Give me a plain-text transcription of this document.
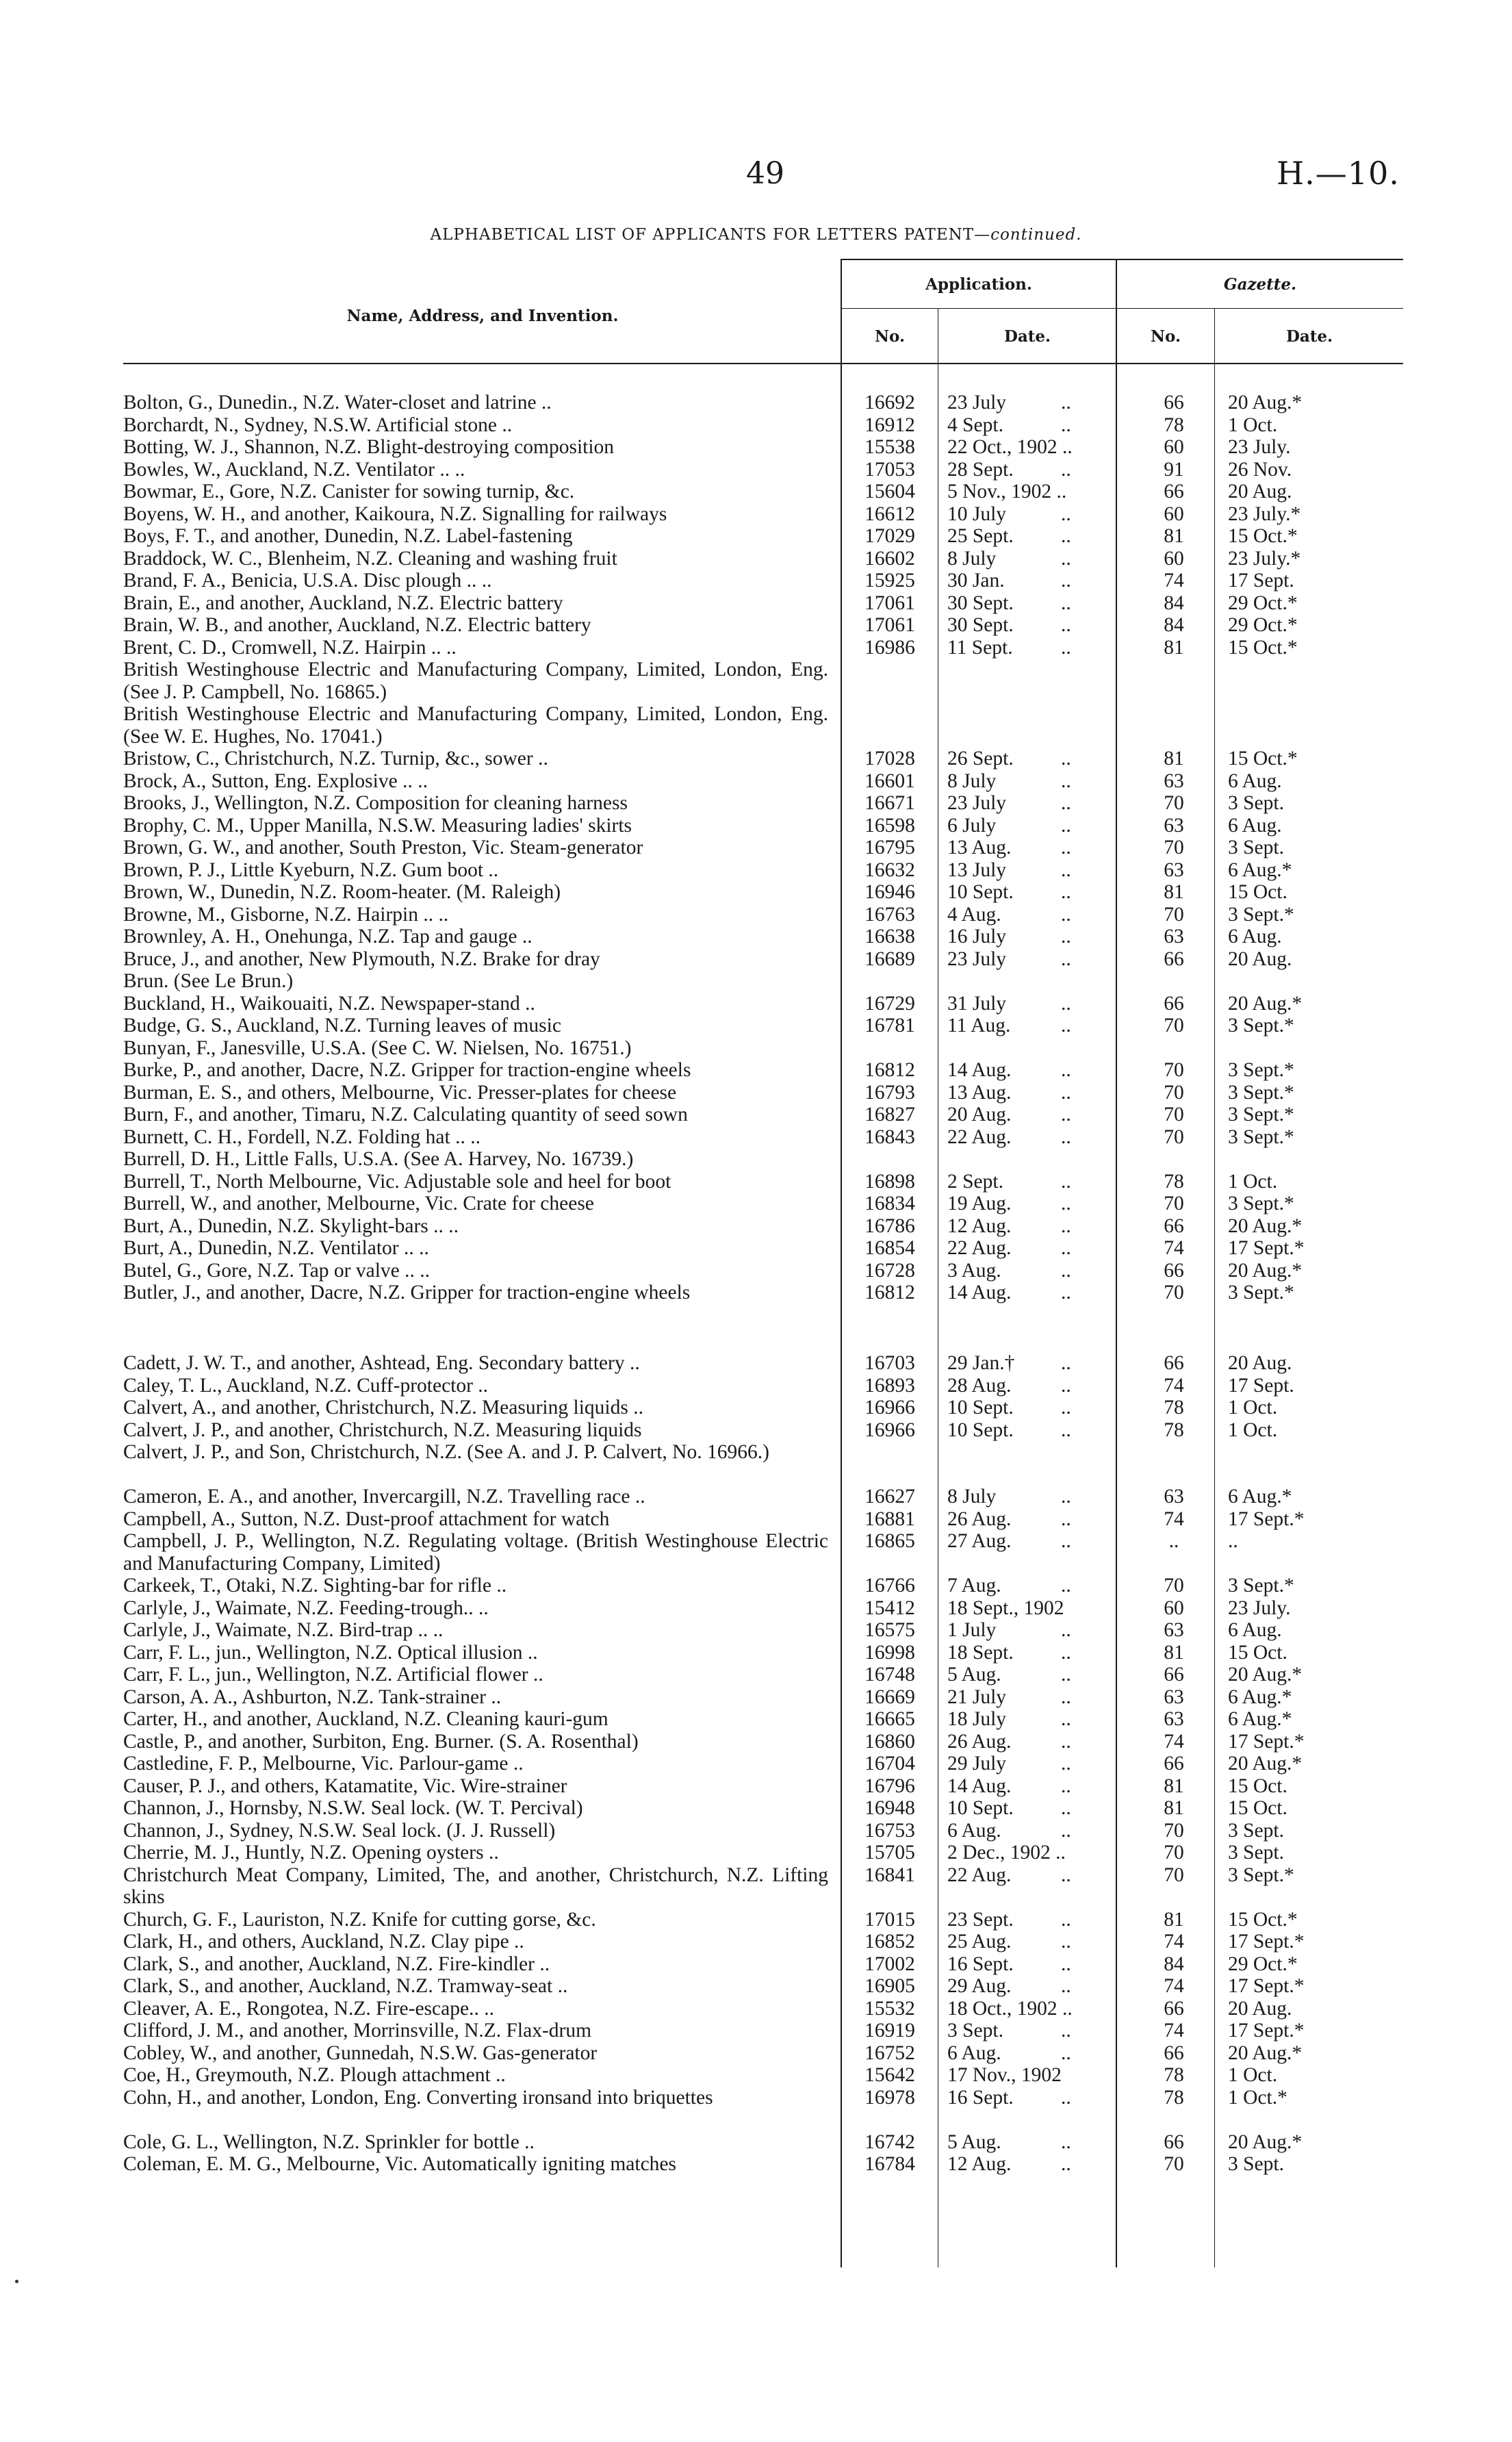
49	H.—10.
ALPHABETICAL LIST OF APPLICANTS FOR LETTERS PATENT—continued.
Name, Address, and Invention.
Application.	Gazette.
No.	Date.	No.	Date.
Bolton, G., Dunedin., N.Z. Water-closet and latrine ..	16692	23 July	..	66	20 Aug.*
Borchardt, N., Sydney, N.S.W. Artificial stone ..	16912	4 Sept.	..	78	1 Oct.
Botting, W. J., Shannon, N.Z. Blight-destroying composition	15538	22 Oct., 1902 ..	60	23 July.
Bowles, W., Auckland, N.Z. Ventilator .. ..	17053	28 Sept.	..	91	26 Nov.
Bowmar, E., Gore, N.Z. Canister for sowing turnip, &c.	15604	5 Nov., 1902 ..	66	20 Aug.
Boyens, W. H., and another, Kaikoura, N.Z. Signalling for railways	16612	10 July	..	60	23 July.*
Boys, F. T., and another, Dunedin, N.Z. Label-fastening	17029	25 Sept.	..	81	15 Oct.*
Braddock, W. C., Blenheim, N.Z. Cleaning and washing fruit	16602	8 July	..	60	23 July.*
Brand, F. A., Benicia, U.S.A. Disc plough .. ..	15925	30 Jan.	..	74	17 Sept.
Brain, E., and another, Auckland, N.Z. Electric battery	17061	30 Sept.	..	84	29 Oct.*
Brain, W. B., and another, Auckland, N.Z. Electric battery	17061	30 Sept.	..	84	29 Oct.*
Brent, C. D., Cromwell, N.Z. Hairpin .. ..	16986	11 Sept.	..	81	15 Oct.*
British Westinghouse Electric and Manufacturing Company, Limited, London, Eng. (See J. P. Campbell, No. 16865.)
British Westinghouse Electric and Manufacturing Company, Limited, London, Eng. (See W. E. Hughes, No. 17041.)
Bristow, C., Christchurch, N.Z. Turnip, &c., sower ..	17028	26 Sept.	..	81	15 Oct.*
Brock, A., Sutton, Eng. Explosive .. ..	16601	8 July	..	63	6 Aug.
Brooks, J., Wellington, N.Z. Composition for cleaning harness	16671	23 July	..	70	3 Sept.
Brophy, C. M., Upper Manilla, N.S.W. Measuring ladies' skirts	16598	6 July	..	63	6 Aug.
Brown, G. W., and another, South Preston, Vic. Steam-generator	16795	13 Aug.	..	70	3 Sept.
Brown, P. J., Little Kyeburn, N.Z. Gum boot ..	16632	13 July	..	63	6 Aug.*
Brown, W., Dunedin, N.Z. Room-heater. (M. Raleigh)	16946	10 Sept.	..	81	15 Oct.
Browne, M., Gisborne, N.Z. Hairpin .. ..	16763	4 Aug.	..	70	3 Sept.*
Brownley, A. H., Onehunga, N.Z. Tap and gauge ..	16638	16 July	..	63	6 Aug.
Bruce, J., and another, New Plymouth, N.Z. Brake for dray	16689	23 July	..	66	20 Aug.
Brun. (See Le Brun.)
Buckland, H., Waikouaiti, N.Z. Newspaper-stand ..	16729	31 July	..	66	20 Aug.*
Budge, G. S., Auckland, N.Z. Turning leaves of music	16781	11 Aug.	..	70	3 Sept.*
Bunyan, F., Janesville, U.S.A. (See C. W. Nielsen, No. 16751.)
Burke, P., and another, Dacre, N.Z. Gripper for traction-engine wheels	16812	14 Aug.	..	70	3 Sept.*
Burman, E. S., and others, Melbourne, Vic. Presser-plates for cheese	16793	13 Aug.	..	70	3 Sept.*
Burn, F., and another, Timaru, N.Z. Calculating quantity of seed sown	16827	20 Aug.	..	70	3 Sept.*
Burnett, C. H., Fordell, N.Z. Folding hat .. ..	16843	22 Aug.	..	70	3 Sept.*
Burrell, D. H., Little Falls, U.S.A. (See A. Harvey, No. 16739.)
Burrell, T., North Melbourne, Vic. Adjustable sole and heel for boot	16898	2 Sept.	..	78	1 Oct.
Burrell, W., and another, Melbourne, Vic. Crate for cheese	16834	19 Aug.	..	70	3 Sept.*
Burt, A., Dunedin, N.Z. Skylight-bars .. ..	16786	12 Aug.	..	66	20 Aug.*
Burt, A., Dunedin, N.Z. Ventilator .. ..	16854	22 Aug.	..	74	17 Sept.*
Butel, G., Gore, N.Z. Tap or valve .. ..	16728	3 Aug.	..	66	20 Aug.*
Butler, J., and another, Dacre, N.Z. Gripper for traction-engine wheels	16812	14 Aug.	..	70	3 Sept.*
Cadett, J. W. T., and another, Ashtead, Eng. Secondary battery ..	16703	29 Jan.†	..	66	20 Aug.
Caley, T. L., Auckland, N.Z. Cuff-protector ..	16893	28 Aug.	..	74	17 Sept.
Calvert, A., and another, Christchurch, N.Z. Measuring liquids ..	16966	10 Sept.	..	78	1 Oct.
Calvert, J. P., and another, Christchurch, N.Z. Measuring liquids	16966	10 Sept.	..	78	1 Oct.
Calvert, J. P., and Son, Christchurch, N.Z. (See A. and J. P. Calvert, No. 16966.)
Cameron, E. A., and another, Invercargill, N.Z. Travelling race ..	16627	8 July	..	63	6 Aug.*
Campbell, A., Sutton, N.Z. Dust-proof attachment for watch	16881	26 Aug.	..	74	17 Sept.*
Campbell, J. P., Wellington, N.Z. Regulating voltage. (British Westinghouse Electric and Manufacturing Company, Limited)
16865	27 Aug.	..	..	..
Carkeek, T., Otaki, N.Z. Sighting-bar for rifle ..	16766	7 Aug.	..	70	3 Sept.*
Carlyle, J., Waimate, N.Z. Feeding-trough.. ..	15412	18 Sept., 1902	60	23 July.
Carlyle, J., Waimate, N.Z. Bird-trap .. ..	16575	1 July	..	63	6 Aug.
Carr, F. L., jun., Wellington, N.Z. Optical illusion ..	16998	18 Sept.	..	81	15 Oct.
Carr, F. L., jun., Wellington, N.Z. Artificial flower ..	16748	5 Aug.	..	66	20 Aug.*
Carson, A. A., Ashburton, N.Z. Tank-strainer ..	16669	21 July	..	63	6 Aug.*
Carter, H., and another, Auckland, N.Z. Cleaning kauri-gum	16665	18 July	..	63	6 Aug.*
Castle, P., and another, Surbiton, Eng. Burner. (S. A. Rosenthal)	16860	26 Aug.	..	74	17 Sept.*
Castledine, F. P., Melbourne, Vic. Parlour-game ..	16704	29 July	..	66	20 Aug.*
Causer, P. J., and others, Katamatite, Vic. Wire-strainer	16796	14 Aug.	..	81	15 Oct.
Channon, J., Hornsby, N.S.W. Seal lock. (W. T. Percival)	16948	10 Sept.	..	81	15 Oct.
Channon, J., Sydney, N.S.W. Seal lock. (J. J. Russell)	16753	6 Aug.	..	70	3 Sept.
Cherrie, M. J., Huntly, N.Z. Opening oysters ..	15705	2 Dec., 1902 ..	70	3 Sept.
Christchurch Meat Company, Limited, The, and another, Christchurch, N.Z. Lifting skins
16841	22 Aug.	..	70	3 Sept.*
Church, G. F., Lauriston, N.Z. Knife for cutting gorse, &c.	17015	23 Sept.	..	81	15 Oct.*
Clark, H., and others, Auckland, N.Z. Clay pipe ..	16852	25 Aug.	..	74	17 Sept.*
Clark, S., and another, Auckland, N.Z. Fire-kindler ..	17002	16 Sept.	..	84	29 Oct.*
Clark, S., and another, Auckland, N.Z. Tramway-seat ..	16905	29 Aug.	..	74	17 Sept.*
Cleaver, A. E., Rongotea, N.Z. Fire-escape.. ..	15532	18 Oct., 1902 ..	66	20 Aug.
Clifford, J. M., and another, Morrinsville, N.Z. Flax-drum	16919	3 Sept.	..	74	17 Sept.*
Cobley, W., and another, Gunnedah, N.S.W. Gas-generator	16752	6 Aug.	..	66	20 Aug.*
Coe, H., Greymouth, N.Z. Plough attachment ..	15642	17 Nov., 1902	78	1 Oct.
Cohn, H., and another, London, Eng. Converting ironsand into briquettes	16978	16 Sept.	..	78	1 Oct.*
Cole, G. L., Wellington, N.Z. Sprinkler for bottle ..	16742	5 Aug.	..	66	20 Aug.*
Coleman, E. M. G., Melbourne, Vic. Automatically igniting matches	16784	12 Aug.	..	70	3 Sept.
